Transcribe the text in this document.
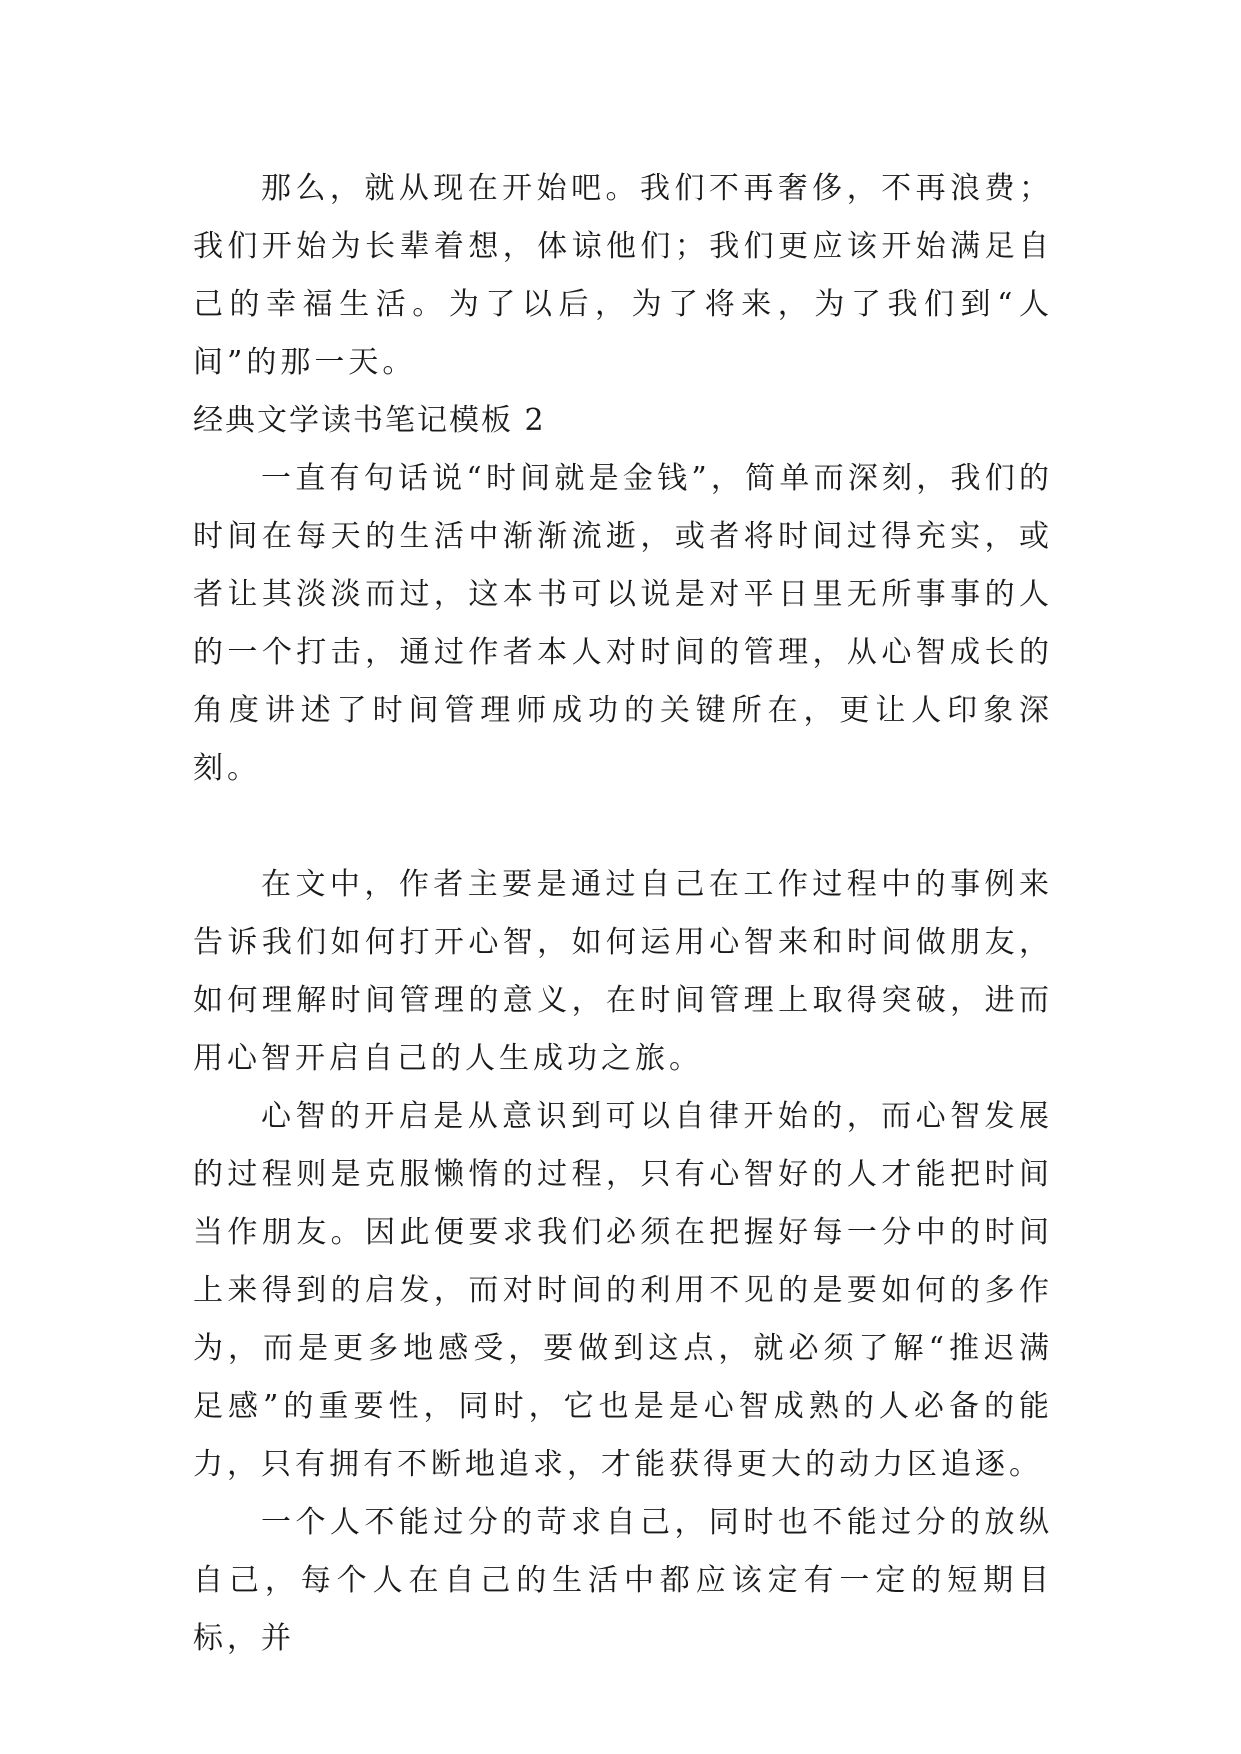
那么，就从现在开始吧。我们不再奢侈，不再浪费；我们开始为长辈着想，体谅他们；我们更应该开始满足自己的幸福生活。为了以后，为了将来，为了我们到“人间”的那一天。

经典文学读书笔记模板 2

一直有句话说“时间就是金钱”，简单而深刻，我们的时间在每天的生活中渐渐流逝，或者将时间过得充实，或者让其淡淡而过，这本书可以说是对平日里无所事事的人的一个打击，通过作者本人对时间的管理，从心智成长的角度讲述了时间管理师成功的关键所在，更让人印象深刻。

在文中，作者主要是通过自己在工作过程中的事例来告诉我们如何打开心智，如何运用心智来和时间做朋友，如何理解时间管理的意义，在时间管理上取得突破，进而用心智开启自己的人生成功之旅。

心智的开启是从意识到可以自律开始的，而心智发展的过程则是克服懒惰的过程，只有心智好的人才能把时间当作朋友。因此便要求我们必须在把握好每一分中的时间上来得到的启发，而对时间的利用不见的是要如何的多作为，而是更多地感受，要做到这点，就必须了解“推迟满足感”的重要性，同时，它也是是心智成熟的人必备的能力，只有拥有不断地追求，才能获得更大的动力区追逐。

一个人不能过分的苛求自己，同时也不能过分的放纵自己，每个人在自己的生活中都应该定有一定的短期目标，并
